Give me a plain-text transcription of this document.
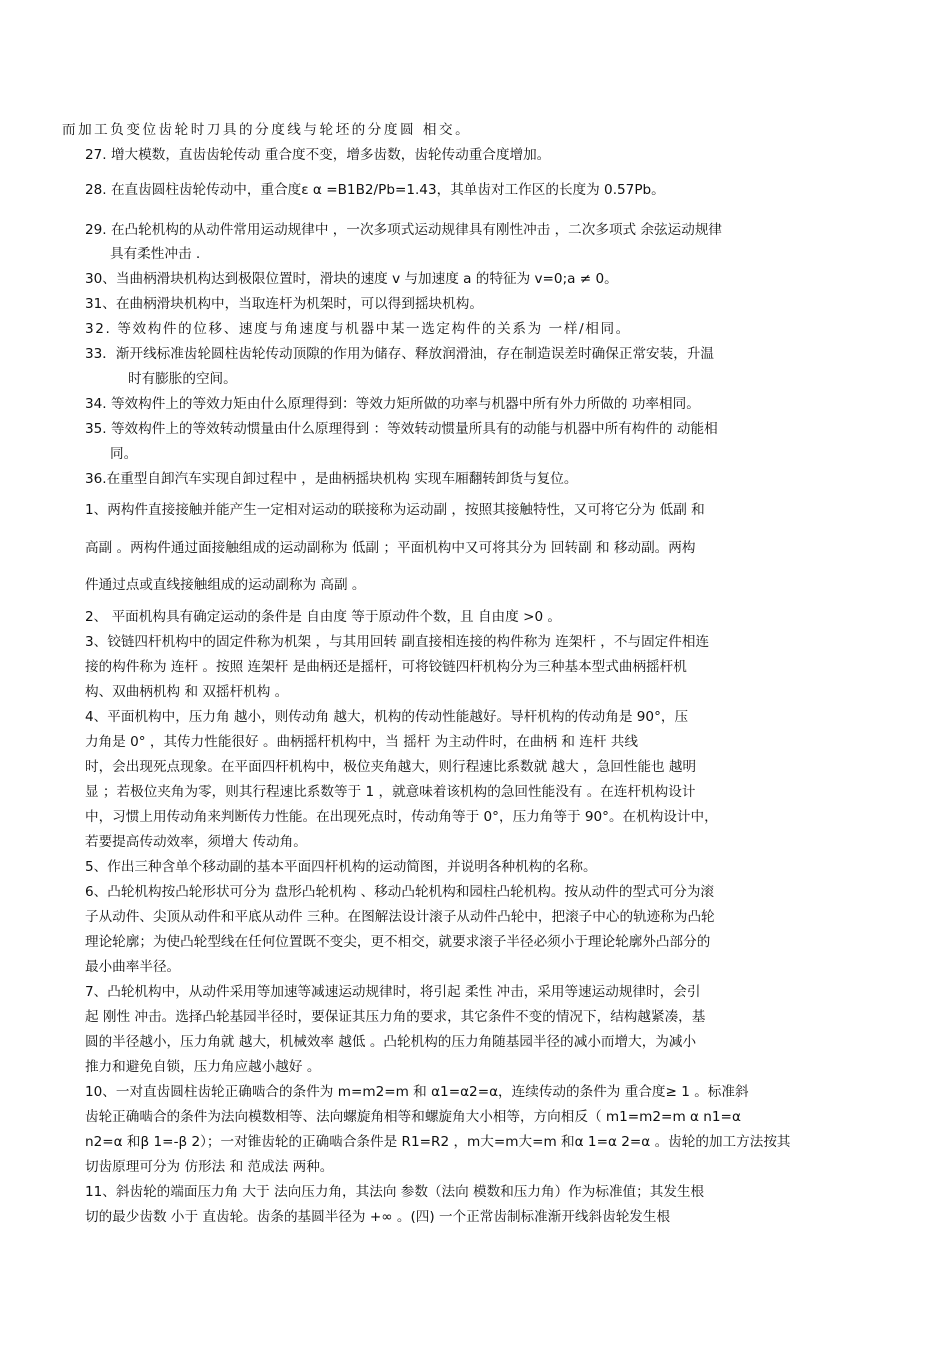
而加工负变位齿轮时刀具的分度线与轮坯的分度圆 相交。
27. 增大模数，直齿齿轮传动 重合度不变，增多齿数，齿轮传动重合度增加。
28. 在直齿圆柱齿轮传动中，重合度ε α =B1B2/Pb=1.43，其单齿对工作区的长度为 0.57Pb。
29. 在凸轮机构的从动件常用运动规律中 ，一次多项式运动规律具有刚性冲击 ，二次多项式 余弦运动规律
具有柔性冲击 .
30、当曲柄滑块机构达到极限位置时，滑块的速度 v 与加速度 a 的特征为 v=0;a ≠ 0。
31、在曲柄滑块机构中，当取连杆为机架时，可以得到摇块机构。
32. 等效构件的位移、速度与角速度与机器中某一选定构件的关系为 一样/相同。
33．渐开线标准齿轮圆柱齿轮传动顶隙的作用为储存、释放润滑油，存在制造误差时确保正常安装，升温
时有膨胀的空间。
34. 等效构件上的等效力矩由什么原理得到：等效力矩所做的功率与机器中所有外力所做的 功率相同。
35. 等效构件上的等效转动惯量由什么原理得到 ：等效转动惯量所具有的动能与机器中所有构件的 动能相
同。
36.在重型自卸汽车实现自卸过程中 ，是曲柄摇块机构 实现车厢翻转卸货与复位。
1、两构件直接接触并能产生一定相对运动的联接称为运动副 ，按照其接触特性，又可将它分为 低副 和
高副 。两构件通过面接触组成的运动副称为 低副 ；平面机构中又可将其分为 回转副 和 移动副。两构
件通过点或直线接触组成的运动副称为 高副 。
2、 平面机构具有确定运动的条件是 自由度 等于原动件个数，且 自由度 >0 。
3、铰链四杆机构中的固定件称为机架 ，与其用回转 副直接相连接的构件称为 连架杆 ，不与固定件相连
接的构件称为 连杆 。按照 连架杆 是曲柄还是摇杆，可将铰链四杆机构分为三种基本型式曲柄摇杆机
构、双曲柄机构 和 双摇杆机构 。
4、平面机构中，压力角 越小，则传动角 越大，机构的传动性能越好。导杆机构的传动角是 90°，压
力角是 0° ，其传力性能很好 。曲柄摇杆机构中，当 摇杆 为主动件时，在曲柄 和 连杆 共线
时，会出现死点现象。在平面四杆机构中，极位夹角越大，则行程速比系数就 越大 ，急回性能也 越明
显 ；若极位夹角为零，则其行程速比系数等于 1 ，就意味着该机构的急回性能没有 。在连杆机构设计
中，习惯上用传动角来判断传力性能。在出现死点时，传动角等于 0°，压力角等于 90°。在机构设计中，
若要提高传动效率，须增大 传动角。
5、作出三种含单个移动副的基本平面四杆机构的运动简图，并说明各种机构的名称。
6、凸轮机构按凸轮形状可分为 盘形凸轮机构 、移动凸轮机构和园柱凸轮机构。按从动件的型式可分为滚
子从动件、尖顶从动件和平底从动件 三种。在图解法设计滚子从动件凸轮中，把滚子中心的轨迹称为凸轮
理论轮廓；为使凸轮型线在任何位置既不变尖，更不相交，就要求滚子半径必须小于理论轮廓外凸部分的
最小曲率半径。
7、凸轮机构中，从动件采用等加速等减速运动规律时，将引起 柔性 冲击，采用等速运动规律时，会引
起 刚性 冲击。选择凸轮基园半径时，要保证其压力角的要求，其它条件不变的情况下，结构越紧凑，基
圆的半径越小，压力角就 越大，机械效率 越低 。凸轮机构的压力角随基园半径的减小而增大，为减小
推力和避免自锁，压力角应越小越好 。
10、一对直齿圆柱齿轮正确啮合的条件为 m=m2=m 和 α1=α2=α，连续传动的条件为 重合度≥ 1 。标准斜
齿轮正确啮合的条件为法向模数相等、法向螺旋角相等和螺旋角大小相等，方向相反（ m1=m2=m α n1=α
n2=α 和β 1=-β 2）；一对锥齿轮的正确啮合条件是 R1=R2 ，m大=m大=m 和α 1=α 2=α 。齿轮的加工方法按其
切齿原理可分为 仿形法 和 范成法 两种。
11、斜齿轮的端面压力角 大于 法向压力角，其法向 参数（法向 模数和压力角）作为标准值；其发生根
切的最少齿数 小于 直齿轮。齿条的基圆半径为 +∞ 。(四) 一个正常齿制标准渐开线斜齿轮发生根
